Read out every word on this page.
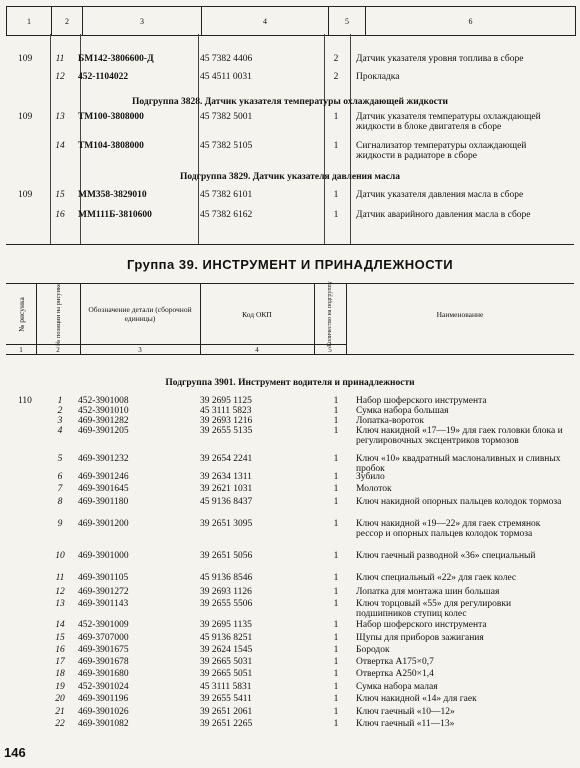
1	2	3	4	5	6
109	11	БМ142-3806600-Д	45 7382 4406	2	Датчик указателя уровня топлива в сборе
12	452-1104022	45 4511 0031	2	Прокладка
Подгруппа 3828. Датчик указателя температуры охлаждающей жидкости
109	13	ТМ100-3808000	45 7382 5001	1	Датчик указателя температуры охлаждающей жидкости в блоке двигателя в сборе
14	ТМ104-3808000	45 7382 5105	1	Сигнализатор температуры охлаждающей жидкости в радиаторе в сборе
Подгруппа 3829. Датчик указателя давления масла
109	15	ММ358-3829010	45 7382 6101	1	Датчик указателя давления масла в сборе
16	ММ111Б-3810600	45 7382 6162	1	Датчик аварийного давления масла в сборе
Группа 39. ИНСТРУМЕНТ И ПРИНАДЛЕЖНОСТИ
№ рисунка	№ позиции на рисунке	Обозначение детали (сборочной единицы)	Код ОКП	Количество на подгруппу	Наименование
1	2	3	4	5
Подгруппа 3901. Инструмент водителя и принадлежности
110	1	452-3901008	39 2695 1125	1	Набор шоферского инструмента
2	452-3901010	45 3111 5823	1	Сумка набора большая
3	469-3901282	39 2693 1216	1	Лопатка-вороток
4	469-3901205	39 2655 5135	1	Ключ накидной «17—19» для гаек головки блока и регулировочных эксцентриков тормозов
5	469-3901232	39 2654 2241	1	Ключ «10» квадратный маслоналивных и сливных пробок
6	469-3901246	39 2634 1311	1	Зубило
7	469-3901645	39 2621 1031	1	Молоток
8	469-3901180	45 9136 8437	1	Ключ накидной опорных пальцев колодок тормоза
9	469-3901200	39 2651 3095	1	Ключ накидной «19—22» для гаек стремянок рессор и опорных пальцев колодок тормоза
10	469-3901000	39 2651 5056	1	Ключ гаечный разводной «36» специальный
11	469-3901105	45 9136 8546	1	Ключ специальный «22» для гаек колес
12	469-3901272	39 2693 1126	1	Лопатка для монтажа шин большая
13	469-3901143	39 2655 5506	1	Ключ торцовый «55» для регулировки подшипников ступиц колес
14	452-3901009	39 2695 1135	1	Набор шоферского инструмента
15	469-3707000	45 9136 8251	1	Щупы для приборов зажигания
16	469-3901675	39 2624 1545	1	Бородок
17	469-3901678	39 2665 5031	1	Отвертка А175×0,7
18	469-3901680	39 2665 5051	1	Отвертка А250×1,4
19	452-3901024	45 3111 5831	1	Сумка набора малая
20	469-3901196	39 2655 5411	1	Ключ накидной «14» для гаек
21	469-3901026	39 2651 2061	1	Ключ гаечный «10—12»
22	469-3901082	39 2651 2265	1	Ключ гаечный «11—13»
146
